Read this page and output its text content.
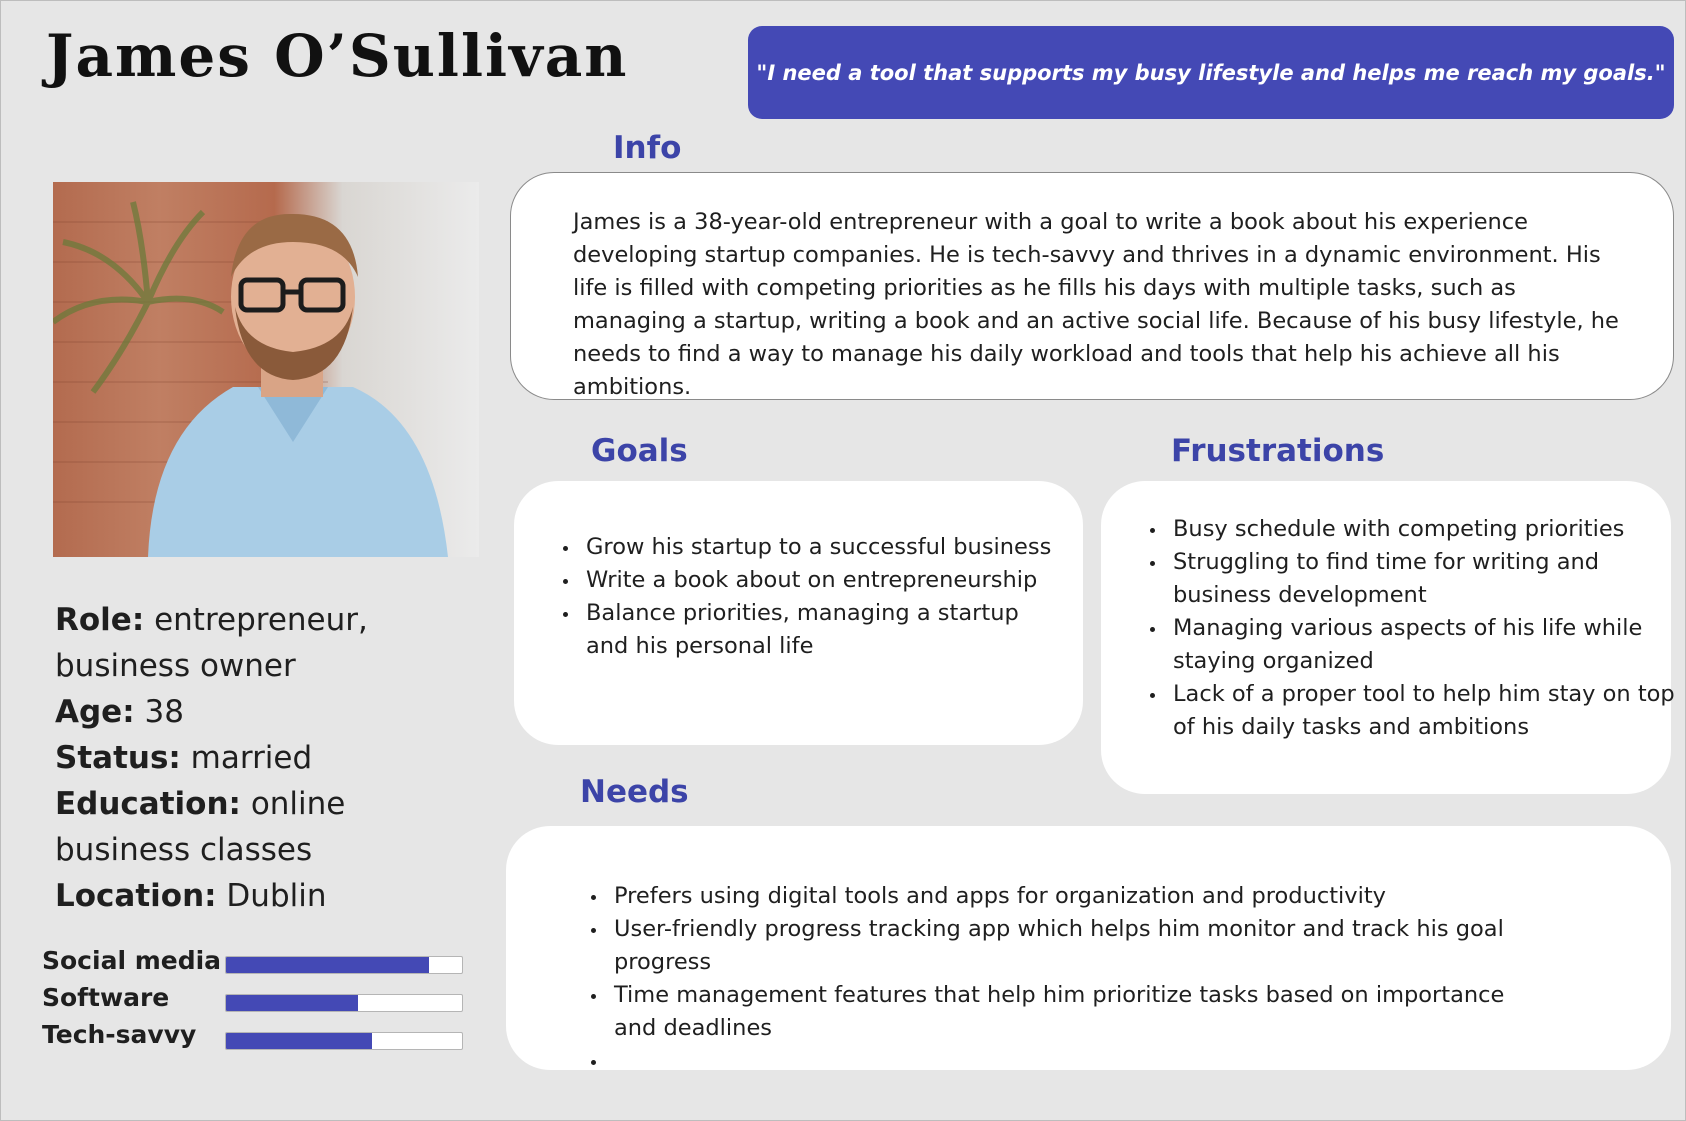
James O’Sullivan	"I need a tool that supports my busy lifestyle and helps me reach my goals."
Role: entrepreneur, business owner
Age: 38
Status: married
Education: online business classes
Location: Dublin
Social media
Software
Tech-savvy
Info

James is a 38-year-old entrepreneur with a goal to write a book about his experience developing startup companies. He is tech-savvy and thrives in a dynamic environment. His life is filled with competing priorities as he fills his days with multiple tasks, such as managing a startup, writing a book and an active social life. Because of his busy lifestyle, he needs to find a way to manage his daily workload and tools that help his achieve all his ambitions.

Goals
• Grow his startup to a successful business
• Write a book about on entrepreneurship
• Balance priorities, managing a startup and his personal life
Frustrations
• Busy schedule with competing priorities
• Struggling to find time for writing and business development
• Managing various aspects of his life while staying organized
• Lack of a proper tool to help him stay on top of his daily tasks and ambitions
Needs
• Prefers using digital tools and apps for organization and productivity
• User-friendly progress tracking app which helps him monitor and track his goal progress
• Time management features that help him prioritize tasks based on importance and deadlines
•
